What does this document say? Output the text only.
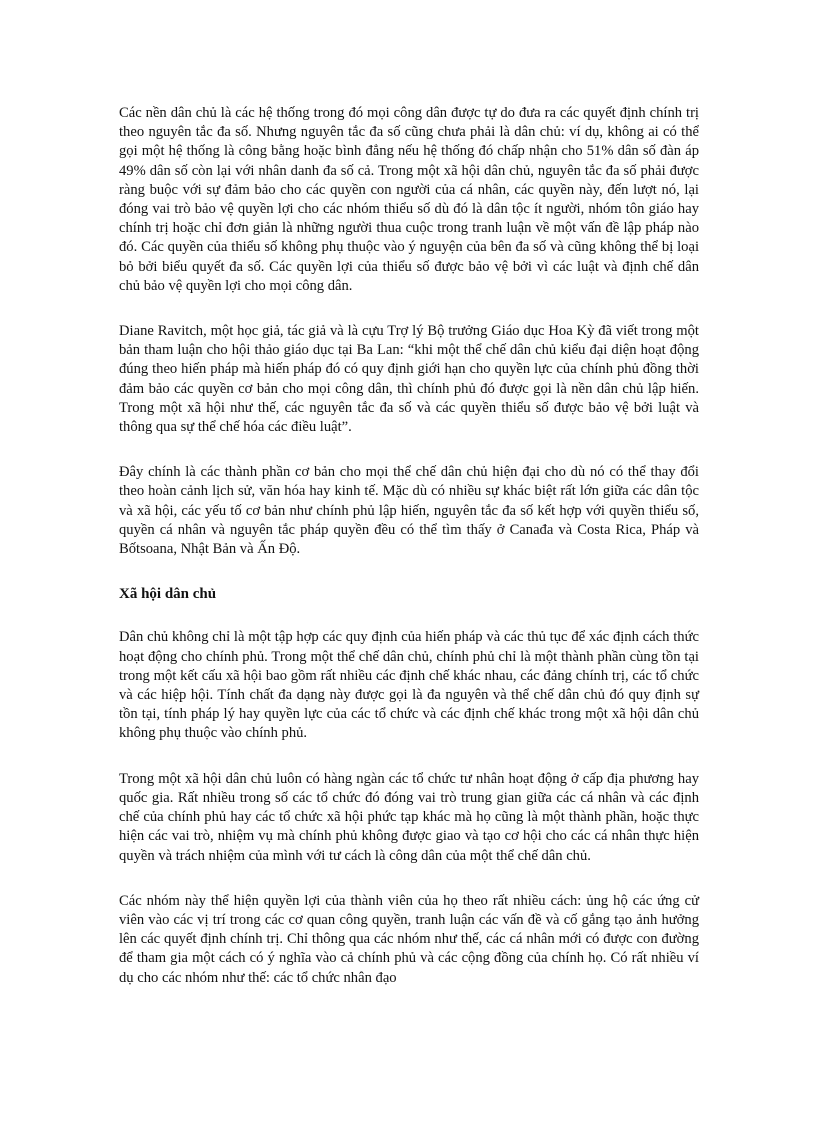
Các nền dân chủ là các hệ thống trong đó mọi công dân được tự do đưa ra các quyết định chính trị theo nguyên tắc đa số. Nhưng nguyên tắc đa số cũng chưa phải là dân chủ: ví dụ, không ai có thể gọi một hệ thống là công bằng hoặc bình đẳng nếu hệ thống đó chấp nhận cho 51% dân số đàn áp 49% dân số còn lại với nhân danh đa số cả. Trong một xã hội dân chủ, nguyên tắc đa số phải được ràng buộc với sự đảm bảo cho các quyền con người của cá nhân, các quyền này, đến lượt nó, lại đóng vai trò bảo vệ quyền lợi cho các nhóm thiểu số dù đó là dân tộc ít người, nhóm tôn giáo hay chính trị hoặc chỉ đơn giản là những người thua cuộc trong tranh luận về một vấn đề lập pháp nào đó. Các quyền của thiểu số không phụ thuộc vào ý nguyện của bên đa số và cũng không thể bị loại bỏ bởi biểu quyết đa số. Các quyền lợi của thiểu số được bảo vệ bởi vì các luật và định chế dân chủ bảo vệ quyền lợi cho mọi công dân.

Diane Ravitch, một học giả, tác giả và là cựu Trợ lý Bộ trưởng Giáo dục Hoa Kỳ đã viết trong một bản tham luận cho hội thảo giáo dục tại Ba Lan: “khi một thể chế dân chủ kiểu đại diện hoạt động đúng theo hiến pháp mà hiến pháp đó có quy định giới hạn cho quyền lực của chính phủ đồng thời đảm bảo các quyền cơ bản cho mọi công dân, thì chính phủ đó được gọi là nền dân chủ lập hiến. Trong một xã hội như thế, các nguyên tắc đa số và các quyền thiểu số được bảo vệ bởi luật và thông qua sự thể chế hóa các điều luật”.

Đây chính là các thành phần cơ bản cho mọi thể chế dân chủ hiện đại cho dù nó có thể thay đổi theo hoàn cảnh lịch sử, văn hóa hay kinh tế. Mặc dù có nhiều sự khác biệt rất lớn giữa các dân tộc và xã hội, các yếu tố cơ bản như chính phủ lập hiến, nguyên tắc đa số kết hợp với quyền thiểu số, quyền cá nhân và nguyên tắc pháp quyền đều có thể tìm thấy ở Canađa và Costa Rica, Pháp và Bốtsoana, Nhật Bản và Ấn Độ.

Xã hội dân chủ

Dân chủ không chỉ là một tập hợp các quy định của hiến pháp và các thủ tục để xác định cách thức hoạt động cho chính phủ. Trong một thể chế dân chủ, chính phủ chỉ là một thành phần cùng tồn tại trong một kết cấu xã hội bao gồm rất nhiều các định chế khác nhau, các đảng chính trị, các tổ chức và các hiệp hội. Tính chất đa dạng này được gọi là đa nguyên và thể chế dân chủ đó quy định sự tồn tại, tính pháp lý hay quyền lực của các tổ chức và các định chế khác trong một xã hội dân chủ không phụ thuộc vào chính phủ.

Trong một xã hội dân chủ luôn có hàng ngàn các tổ chức tư nhân hoạt động ở cấp địa phương hay quốc gia. Rất nhiều trong số các tổ chức đó đóng vai trò trung gian giữa các cá nhân và các định chế của chính phủ hay các tổ chức xã hội phức tạp khác mà họ cũng là một thành phần, hoặc thực hiện các vai trò, nhiệm vụ mà chính phủ không được giao và tạo cơ hội cho các cá nhân thực hiện quyền và trách nhiệm của mình với tư cách là công dân của một thể chế dân chủ.

Các nhóm này thể hiện quyền lợi của thành viên của họ theo rất nhiều cách: ủng hộ các ứng cử viên vào các vị trí trong các cơ quan công quyền, tranh luận các vấn đề và cố gắng tạo ảnh hưởng lên các quyết định chính trị. Chỉ thông qua các nhóm như thế, các cá nhân mới có được con đường để tham gia một cách có ý nghĩa vào cả chính phủ và các cộng đồng của chính họ. Có rất nhiều ví dụ cho các nhóm như thế: các tổ chức nhân đạo
